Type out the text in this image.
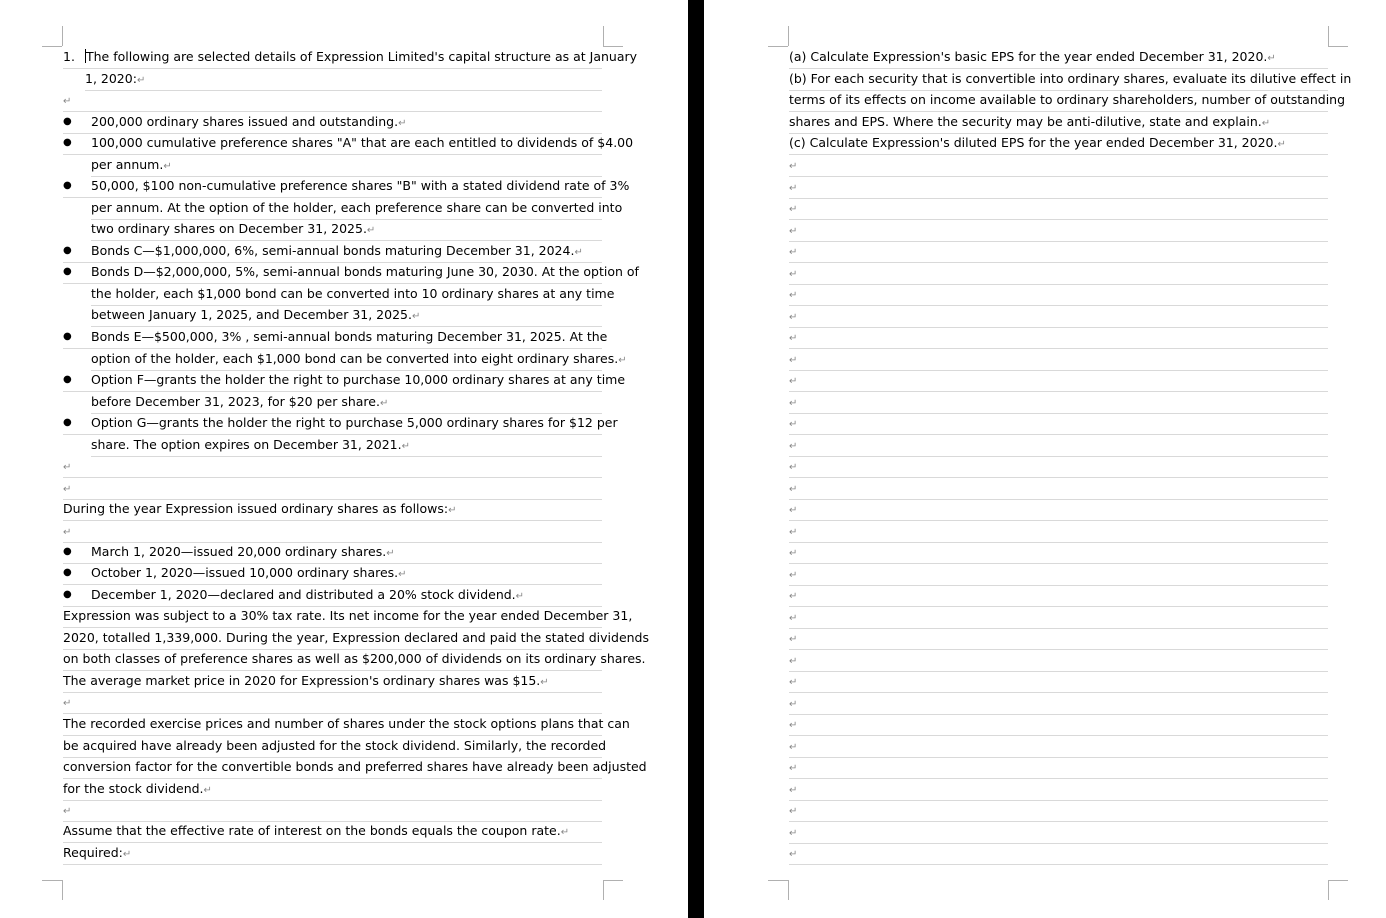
1. The following are selected details of Expression Limited's capital structure as at January
1, 2020:↵
↵
● 200,000 ordinary shares issued and outstanding.↵
● 100,000 cumulative preference shares "A" that are each entitled to dividends of $4.00
per annum.↵
● 50,000, $100 non-cumulative preference shares "B" with a stated dividend rate of 3%
per annum. At the option of the holder, each preference share can be converted into
two ordinary shares on December 31, 2025.↵
● Bonds C—$1,000,000, 6%, semi-annual bonds maturing December 31, 2024.↵
● Bonds D—$2,000,000, 5%, semi-annual bonds maturing June 30, 2030. At the option of
the holder, each $1,000 bond can be converted into 10 ordinary shares at any time
between January 1, 2025, and December 31, 2025.↵
● Bonds E—$500,000, 3% , semi-annual bonds maturing December 31, 2025. At the
option of the holder, each $1,000 bond can be converted into eight ordinary shares.↵
● Option F—grants the holder the right to purchase 10,000 ordinary shares at any time
before December 31, 2023, for $20 per share.↵
● Option G—grants the holder the right to purchase 5,000 ordinary shares for $12 per
share. The option expires on December 31, 2021.↵
↵
↵
During the year Expression issued ordinary shares as follows:↵
↵
● March 1, 2020—issued 20,000 ordinary shares.↵
● October 1, 2020—issued 10,000 ordinary shares.↵
● December 1, 2020—declared and distributed a 20% stock dividend.↵
Expression was subject to a 30% tax rate. Its net income for the year ended December 31,
2020, totalled 1,339,000. During the year, Expression declared and paid the stated dividends
on both classes of preference shares as well as $200,000 of dividends on its ordinary shares.
The average market price in 2020 for Expression's ordinary shares was $15.↵
↵
The recorded exercise prices and number of shares under the stock options plans that can
be acquired have already been adjusted for the stock dividend. Similarly, the recorded
conversion factor for the convertible bonds and preferred shares have already been adjusted
for the stock dividend.↵
↵
Assume that the effective rate of interest on the bonds equals the coupon rate.↵
Required:↵
(a) Calculate Expression's basic EPS for the year ended December 31, 2020.↵
(b) For each security that is convertible into ordinary shares, evaluate its dilutive effect in
terms of its effects on income available to ordinary shareholders, number of outstanding
shares and EPS. Where the security may be anti-dilutive, state and explain.↵
(c) Calculate Expression's diluted EPS for the year ended December 31, 2020.↵
↵
↵
↵
↵
↵
↵
↵
↵
↵
↵
↵
↵
↵
↵
↵
↵
↵
↵
↵
↵
↵
↵
↵
↵
↵
↵
↵
↵
↵
↵
↵
↵
↵
